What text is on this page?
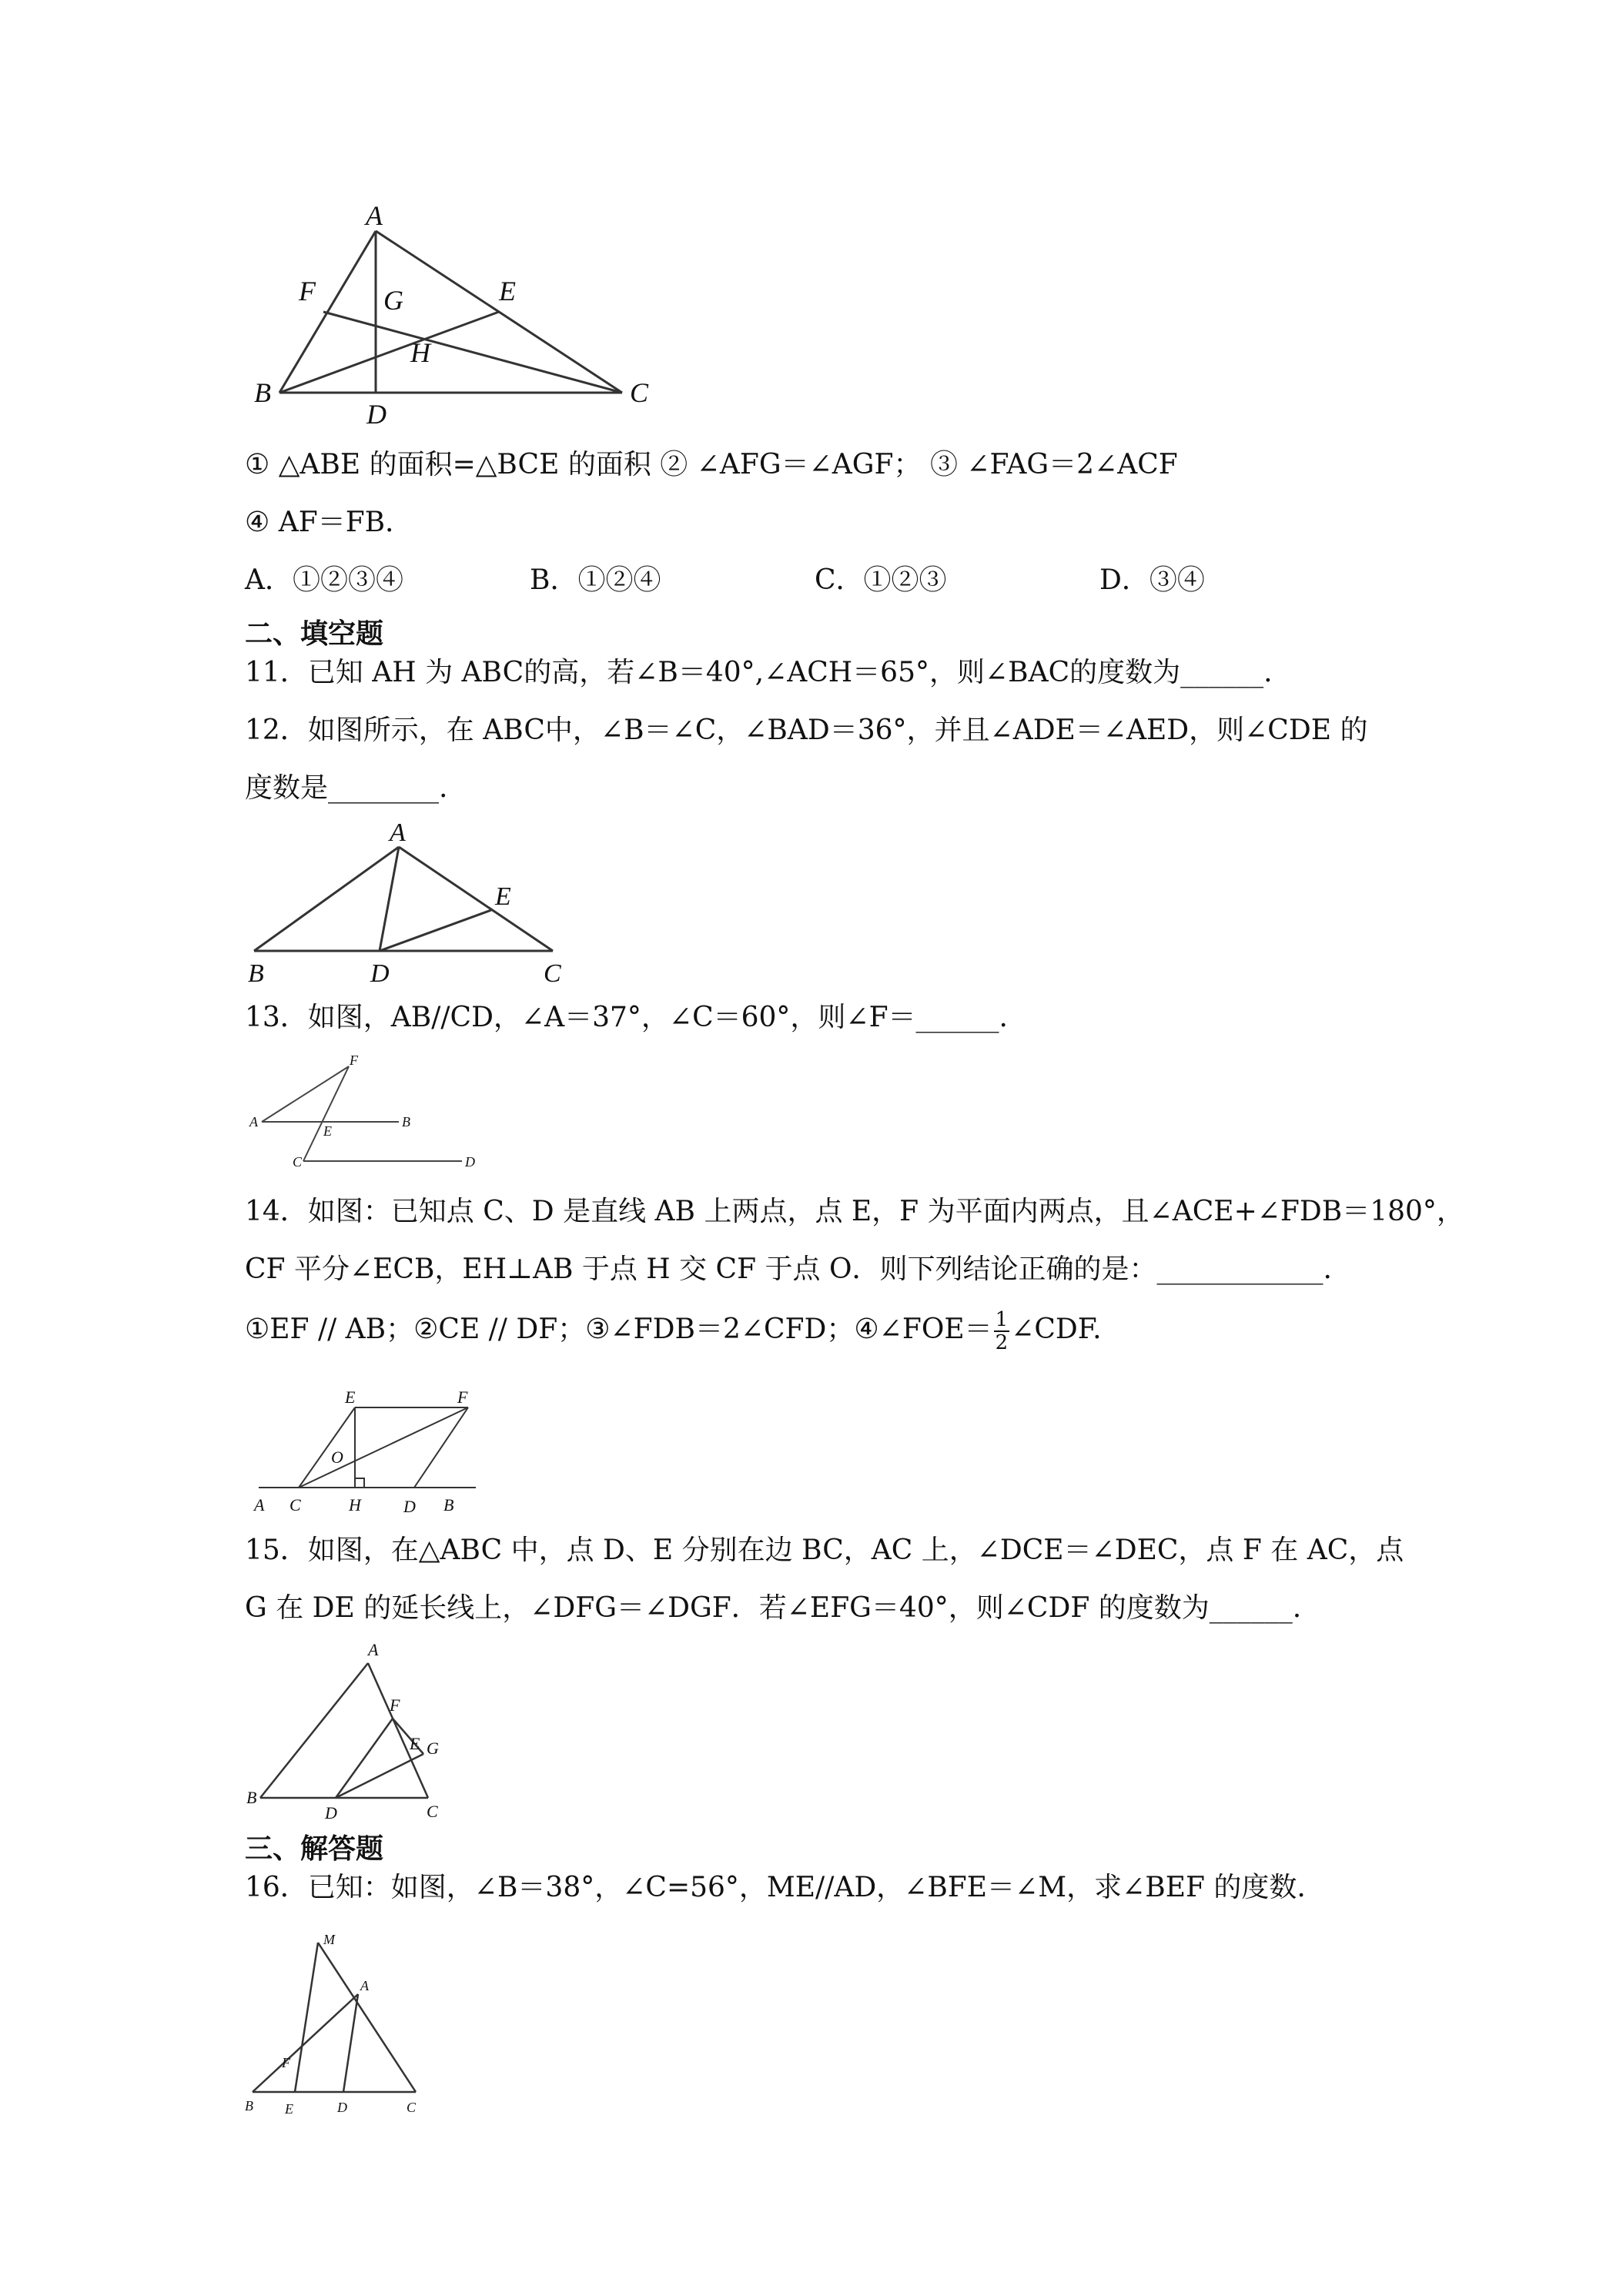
A
B	C
D
E
F G
H
① △ABE 的面积=△BCE 的面积 ② ∠AFG＝∠AGF； ③ ∠FAG＝2∠ACF
④ AF＝FB．
A．①②③④	B．①②④	C．①②③	D．③④
二、填空题
11．已知 AH 为 ABC的高，若∠B＝40°,∠ACH＝65°，则∠BAC的度数为______.
12．如图所示，在 ABC中，∠B＝∠C，∠BAD＝36°，并且∠ADE＝∠AED，则∠CDE 的
度数是________.
A
B	C
D
E
13．如图，AB//CD，∠A＝37°，∠C＝60°，则∠F＝______.
A	B
C	D
E
F
14．如图：已知点 C、D 是直线 AB 上两点，点 E，F 为平面内两点，且∠ACE+∠FDB＝180°，
CF 平分∠ECB，EH⊥AB 于点 H 交 CF 于点 O．则下列结论正确的是：____________.
①EF // AB；②CE // DF；③∠FDB＝2∠CFD；④∠FOE＝ $\frac{1}{2}$ ∠CDF.
E	F
O
A C	H	D B
15．如图，在△ABC 中，点 D、E 分别在边 BC，AC 上，∠DCE＝∠DEC，点 F 在 AC，点
G 在 DE 的延长线上，∠DFG＝∠DGF．若∠EFG＝40°，则∠CDF 的度数为______.
A
B
C
D
E
F
G
三、解答题
16．已知：如图，∠B＝38°，∠C=56°，ME//AD，∠BFE＝∠M，求∠BEF 的度数.
M
A
F
B E	D	C
